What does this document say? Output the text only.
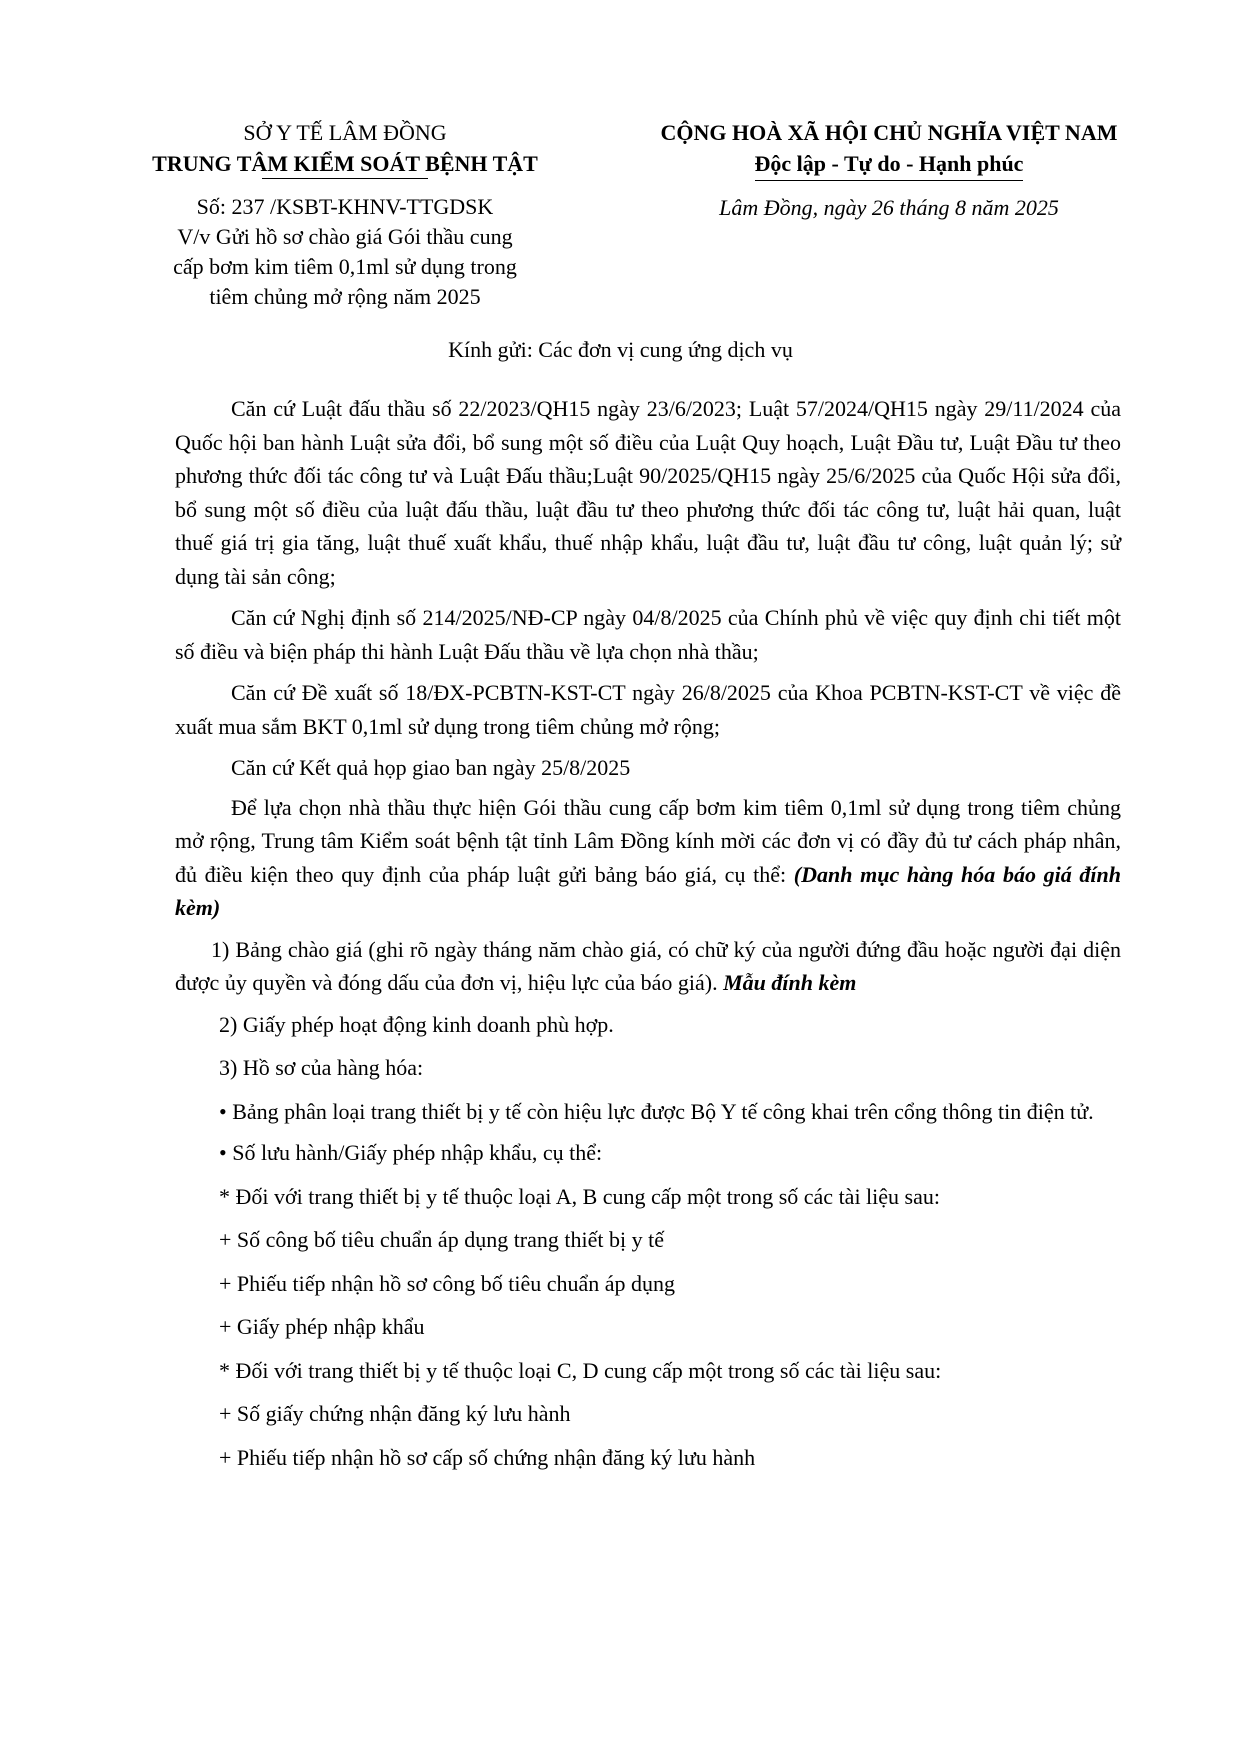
SỞ Y TẾ LÂM ĐỒNG

TRUNG TÂM KIỂM SOÁT BỆNH TẬT

Số: 237 /KSBT-KHNV-TTGDSK

V/v Gửi hồ sơ chào giá Gói thầu cung cấp bơm kim tiêm 0,1ml sử dụng trong tiêm chủng mở rộng năm 2025

CỘNG HOÀ XÃ HỘI CHỦ NGHĨA VIỆT NAM

Độc lập - Tự do - Hạnh phúc

Lâm Đồng, ngày 26 tháng 8 năm 2025

Kính gửi: Các đơn vị cung ứng dịch vụ

Căn cứ Luật đấu thầu số 22/2023/QH15 ngày 23/6/2023; Luật 57/2024/QH15 ngày 29/11/2024 của Quốc hội ban hành Luật sửa đổi, bổ sung một số điều của Luật Quy hoạch, Luật Đầu tư, Luật Đầu tư theo phương thức đối tác công tư và Luật Đấu thầu;Luật 90/2025/QH15 ngày 25/6/2025 của Quốc Hội sửa đổi, bổ sung một số điều của luật đấu thầu, luật đầu tư theo phương thức đối tác công tư, luật hải quan, luật thuế giá trị gia tăng, luật thuế xuất khẩu, thuế nhập khẩu, luật đầu tư, luật đầu tư công, luật quản lý; sử dụng tài sản công;

Căn cứ Nghị định số 214/2025/NĐ-CP ngày 04/8/2025 của Chính phủ về việc quy định chi tiết một số điều và biện pháp thi hành Luật Đấu thầu về lựa chọn nhà thầu;

Căn cứ Đề xuất số 18/ĐX-PCBTN-KST-CT ngày 26/8/2025 của Khoa PCBTN-KST-CT về việc đề xuất mua sắm BKT 0,1ml sử dụng trong tiêm chủng mở rộng;

Căn cứ Kết quả họp giao ban ngày 25/8/2025

Để lựa chọn nhà thầu thực hiện Gói thầu cung cấp bơm kim tiêm 0,1ml sử dụng trong tiêm chủng mở rộng, Trung tâm Kiểm soát bệnh tật tỉnh Lâm Đồng kính mời các đơn vị có đầy đủ tư cách pháp nhân, đủ điều kiện theo quy định của pháp luật gửi bảng báo giá, cụ thể: (Danh mục hàng hóa báo giá đính kèm)

1) Bảng chào giá (ghi rõ ngày tháng năm chào giá, có chữ ký của người đứng đầu hoặc người đại diện được ủy quyền và đóng dấu của đơn vị, hiệu lực của báo giá). Mẫu đính kèm

2) Giấy phép hoạt động kinh doanh phù hợp.

3) Hồ sơ của hàng hóa:

• Bảng phân loại trang thiết bị y tế còn hiệu lực được Bộ Y tế công khai trên cổng thông tin điện tử.

• Số lưu hành/Giấy phép nhập khẩu, cụ thể:

* Đối với trang thiết bị y tế thuộc loại A, B cung cấp một trong số các tài liệu sau:

+ Số công bố tiêu chuẩn áp dụng trang thiết bị y tế

+ Phiếu tiếp nhận hồ sơ công bố tiêu chuẩn áp dụng

+ Giấy phép nhập khẩu

* Đối với trang thiết bị y tế thuộc loại C, D cung cấp một trong số các tài liệu sau:

+ Số giấy chứng nhận đăng ký lưu hành

+ Phiếu tiếp nhận hồ sơ cấp số chứng nhận đăng ký lưu hành
